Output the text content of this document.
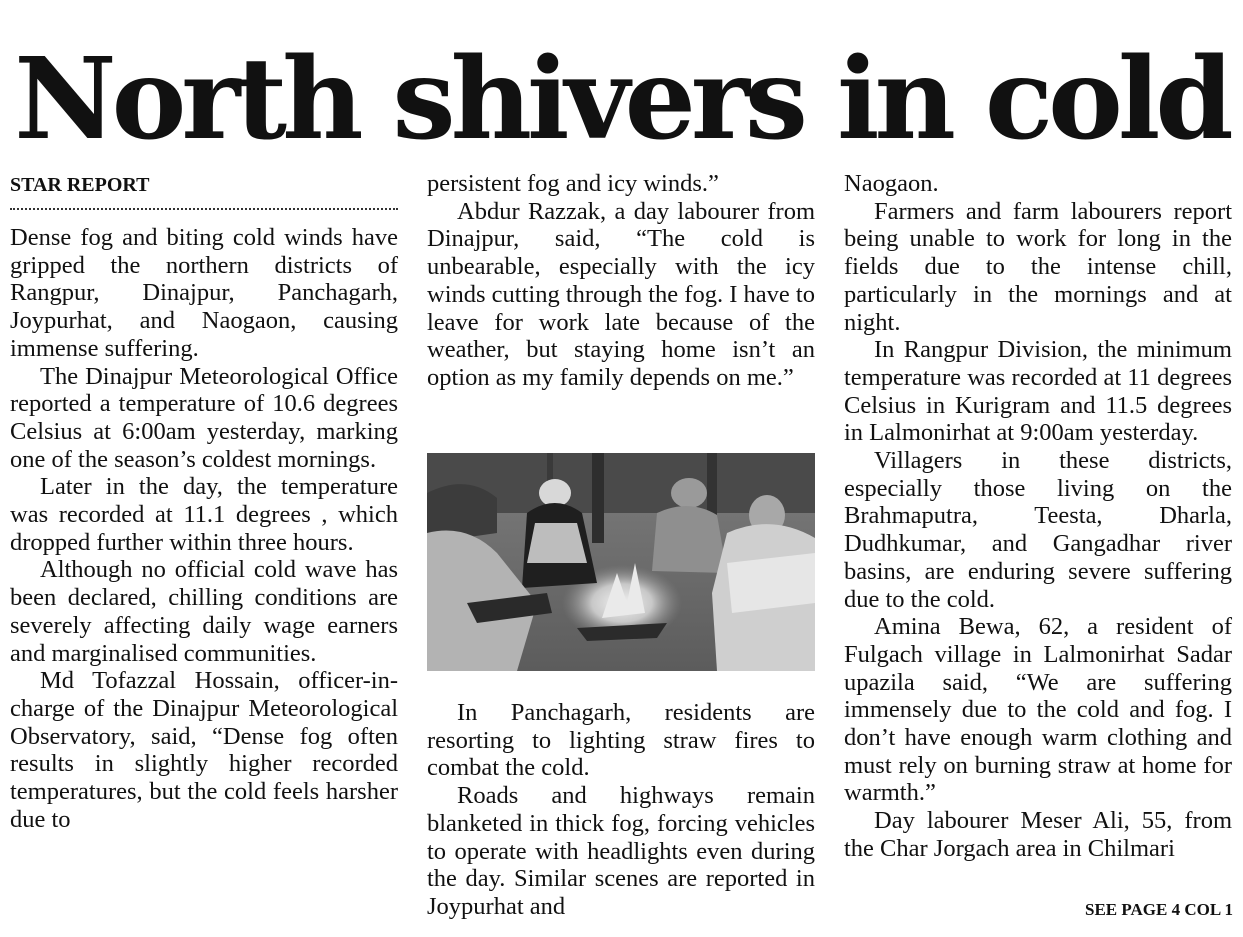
North shivers in cold
STAR REPORT

Dense fog and biting cold winds have gripped the northern districts of Rangpur, Dinajpur, Panchagarh, Joypurhat, and Naogaon, causing immense suffering.

The Dinajpur Meteorological Office reported a temperature of 10.6 degrees Celsius at 6:00am yesterday, marking one of the season’s coldest mornings.

Later in the day, the temperature was recorded at 11.1 degrees , which dropped further within three hours.

Although no official cold wave has been declared, chilling conditions are severely affecting daily wage earners and marginalised communities.

Md Tofazzal Hossain, officer-in-charge of the Dinajpur Meteorological Observatory, said, “Dense fog often results in slightly higher recorded temperatures, but the cold feels harsher due to

persistent fog and icy winds.”

Abdur Razzak, a day labourer from Dinajpur, said, “The cold is unbearable, especially with the icy winds cutting through the fog. I have to leave for work late because of the weather, but staying home isn’t an option as my family depends on me.”

In Panchagarh, residents are resorting to lighting straw fires to combat the cold.

Roads and highways remain blanketed in thick fog, forcing vehicles to operate with headlights even during the day. Similar scenes are reported in Joypurhat and

Naogaon.

Farmers and farm labourers report being unable to work for long in the fields due to the intense chill, particularly in the mornings and at night.

In Rangpur Division, the minimum temperature was recorded at 11 degrees Celsius in Kurigram and 11.5 degrees in Lalmonirhat at 9:00am yesterday.

Villagers in these districts, especially those living on the Brahmaputra, Teesta, Dharla, Dudhkumar, and Gangadhar river basins, are enduring severe suffering due to the cold.

Amina Bewa, 62, a resident of Fulgach village in Lalmonirhat Sadar upazila said, “We are suffering immensely due to the cold and fog. I don’t have enough warm clothing and must rely on burning straw at home for warmth.”

Day labourer Meser Ali, 55, from the Char Jorgach area in Chilmari

SEE PAGE 4 COL 1
